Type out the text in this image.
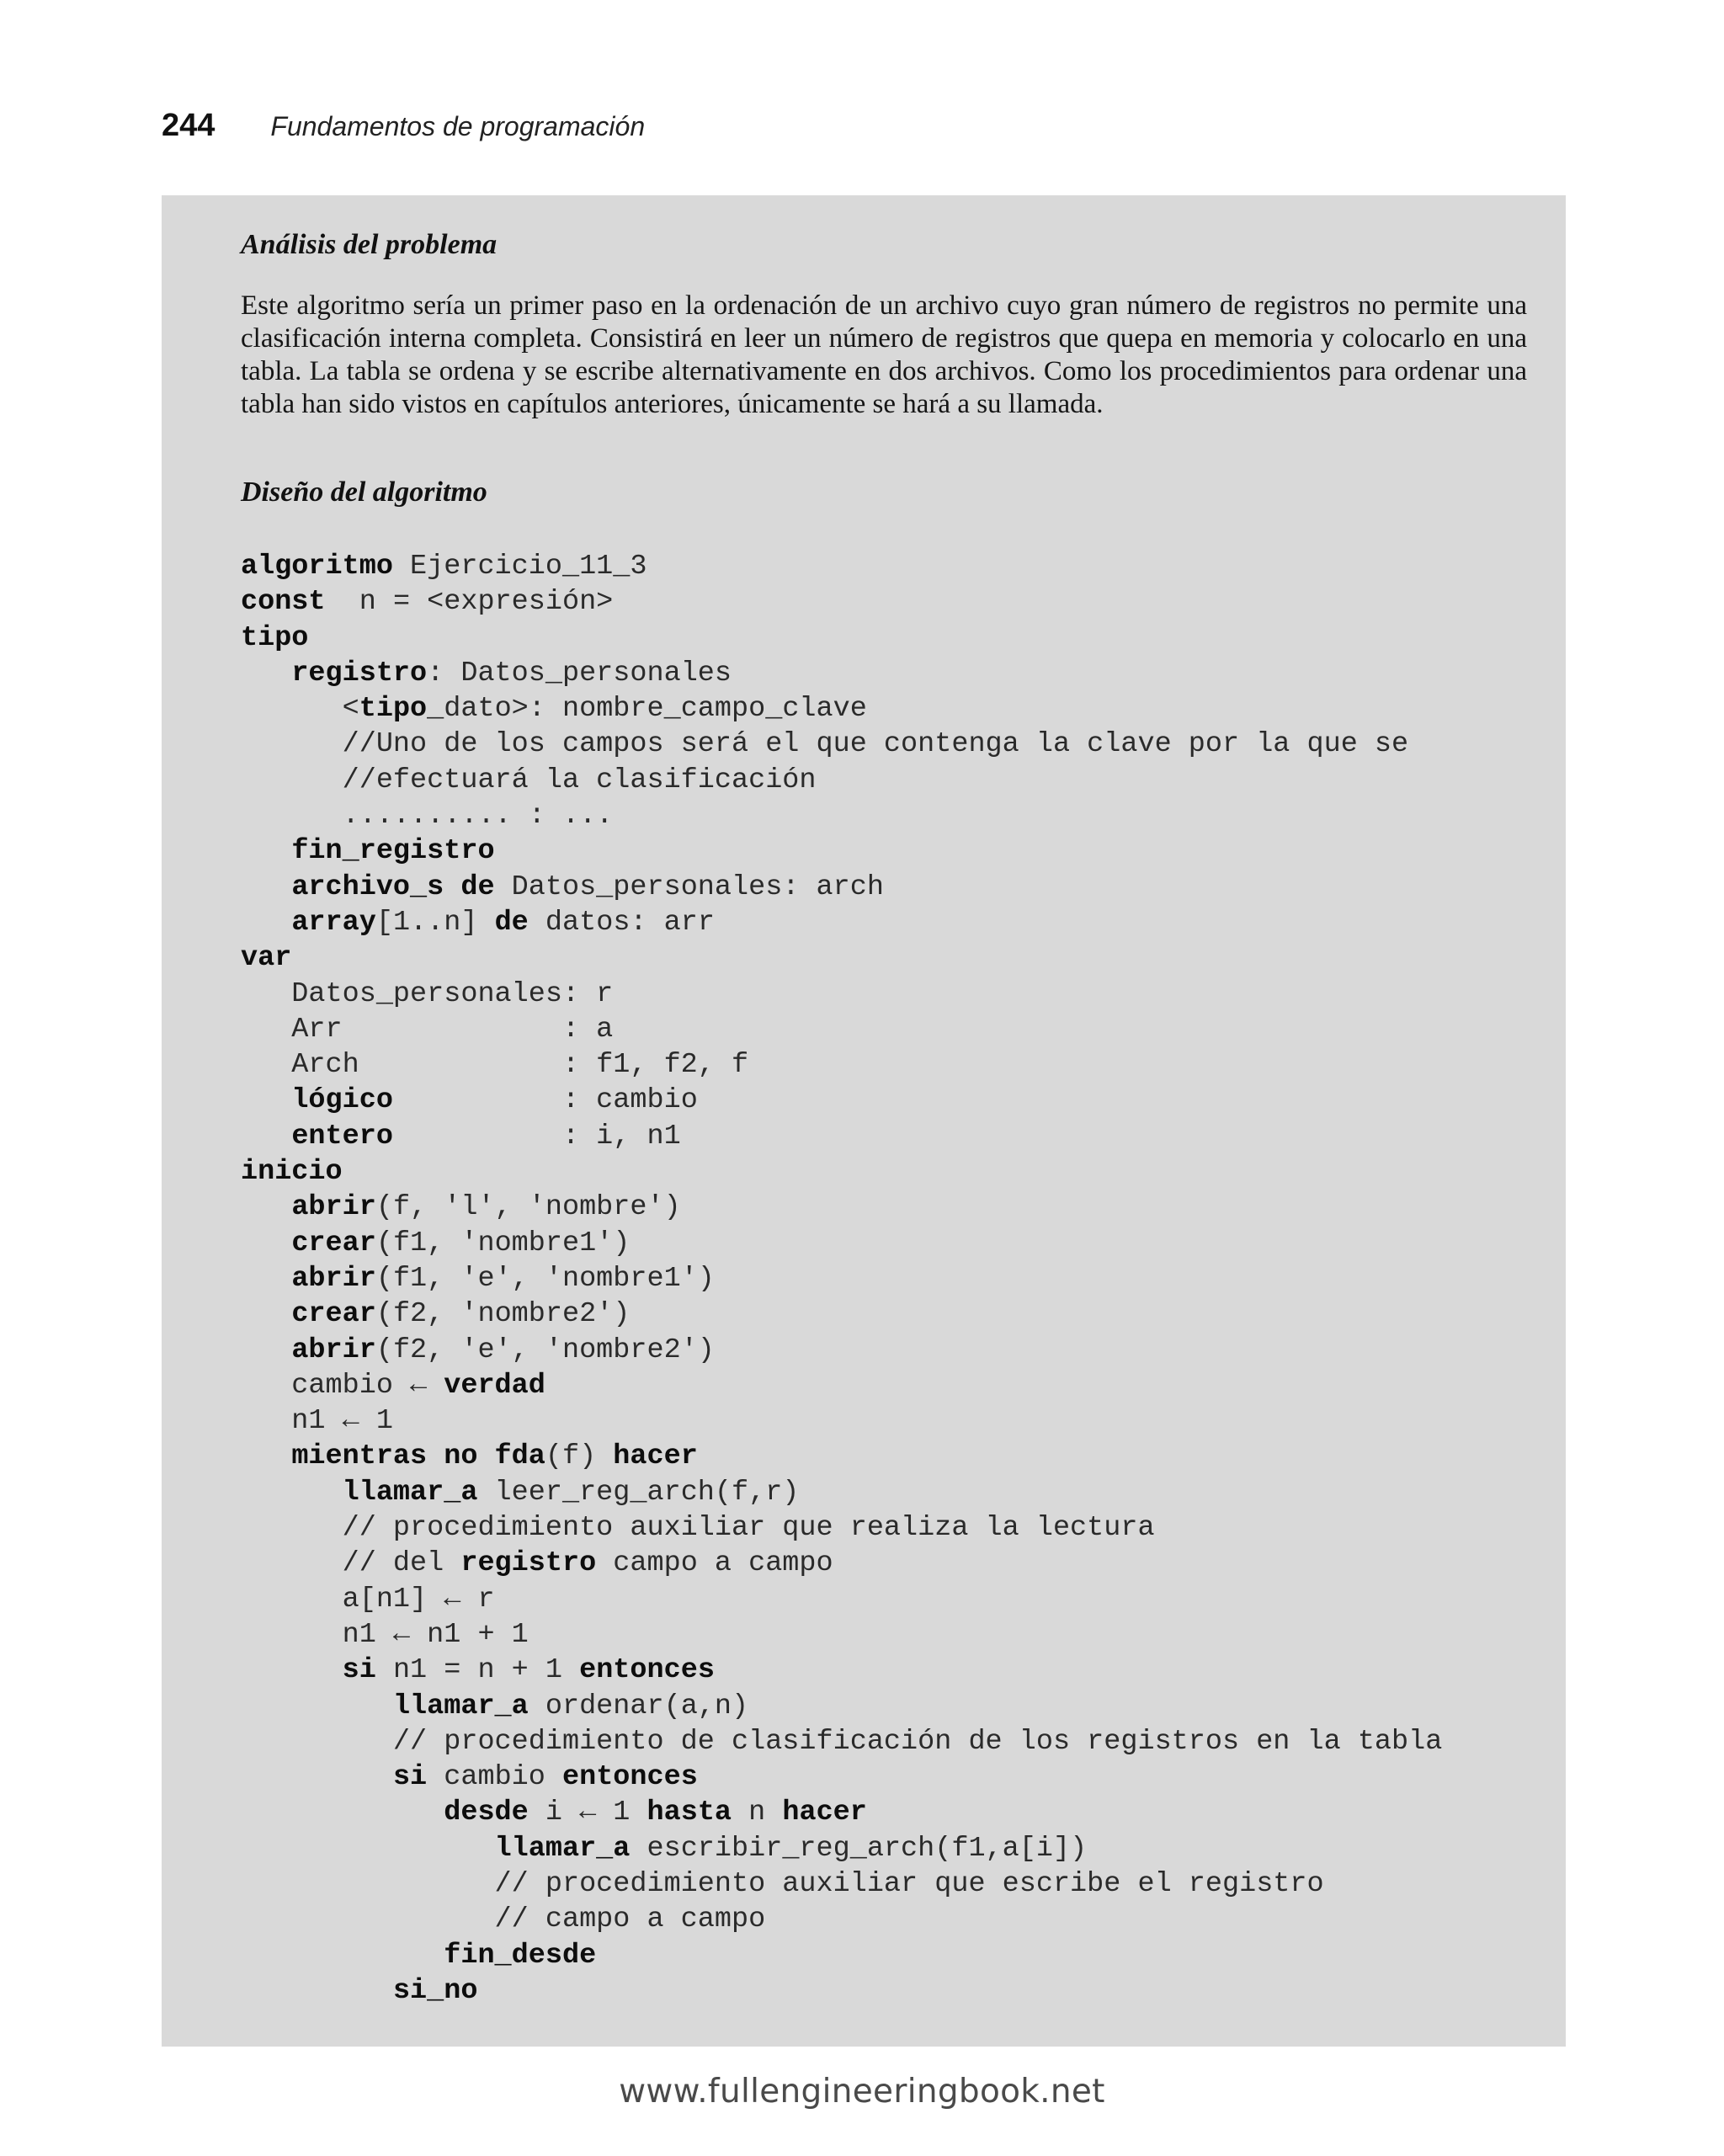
244 Fundamentos de programación

Análisis del problema

Este algoritmo sería un primer paso en la ordenación de un archivo cuyo gran número de registros no permite una clasificación interna completa. Consistirá en leer un número de registros que quepa en memoria y colocarlo en una tabla. La tabla se ordena y se escribe alternativamente en dos archivos. Como los procedimientos para ordenar una tabla han sido vistos en capítulos anteriores, únicamente se hará a su llamada.

Diseño del algoritmo

algoritmo Ejercicio_11_3
const  n = <expresión>
tipo
registro: Datos_personales
<tipo_dato>: nombre_campo_clave
//Uno de los campos será el que contenga la clave por la que se
//efectuará la clasificación
.......... : ...
fin_registro
archivo_s de Datos_personales: arch
array[1..n] de datos: arr
var
Datos_personales: r
Arr             : a
Arch            : f1, f2, f
lógico          : cambio
entero          : i, n1
inicio
abrir(f, 'l', 'nombre')
crear(f1, 'nombre1')
abrir(f1, 'e', 'nombre1')
crear(f2, 'nombre2')
abrir(f2, 'e', 'nombre2')
cambio ← verdad
n1 ← 1
mientras no fda(f) hacer
llamar_a leer_reg_arch(f,r)
// procedimiento auxiliar que realiza la lectura
// del registro campo a campo
a[n1] ← r
n1 ← n1 + 1
si n1 = n + 1 entonces
llamar_a ordenar(a,n)
// procedimiento de clasificación de los registros en la tabla
si cambio entonces
desde i ← 1 hasta n hacer
llamar_a escribir_reg_arch(f1,a[i])
// procedimiento auxiliar que escribe el registro
// campo a campo
fin_desde
si_no
www.fullengineeringbook.net
